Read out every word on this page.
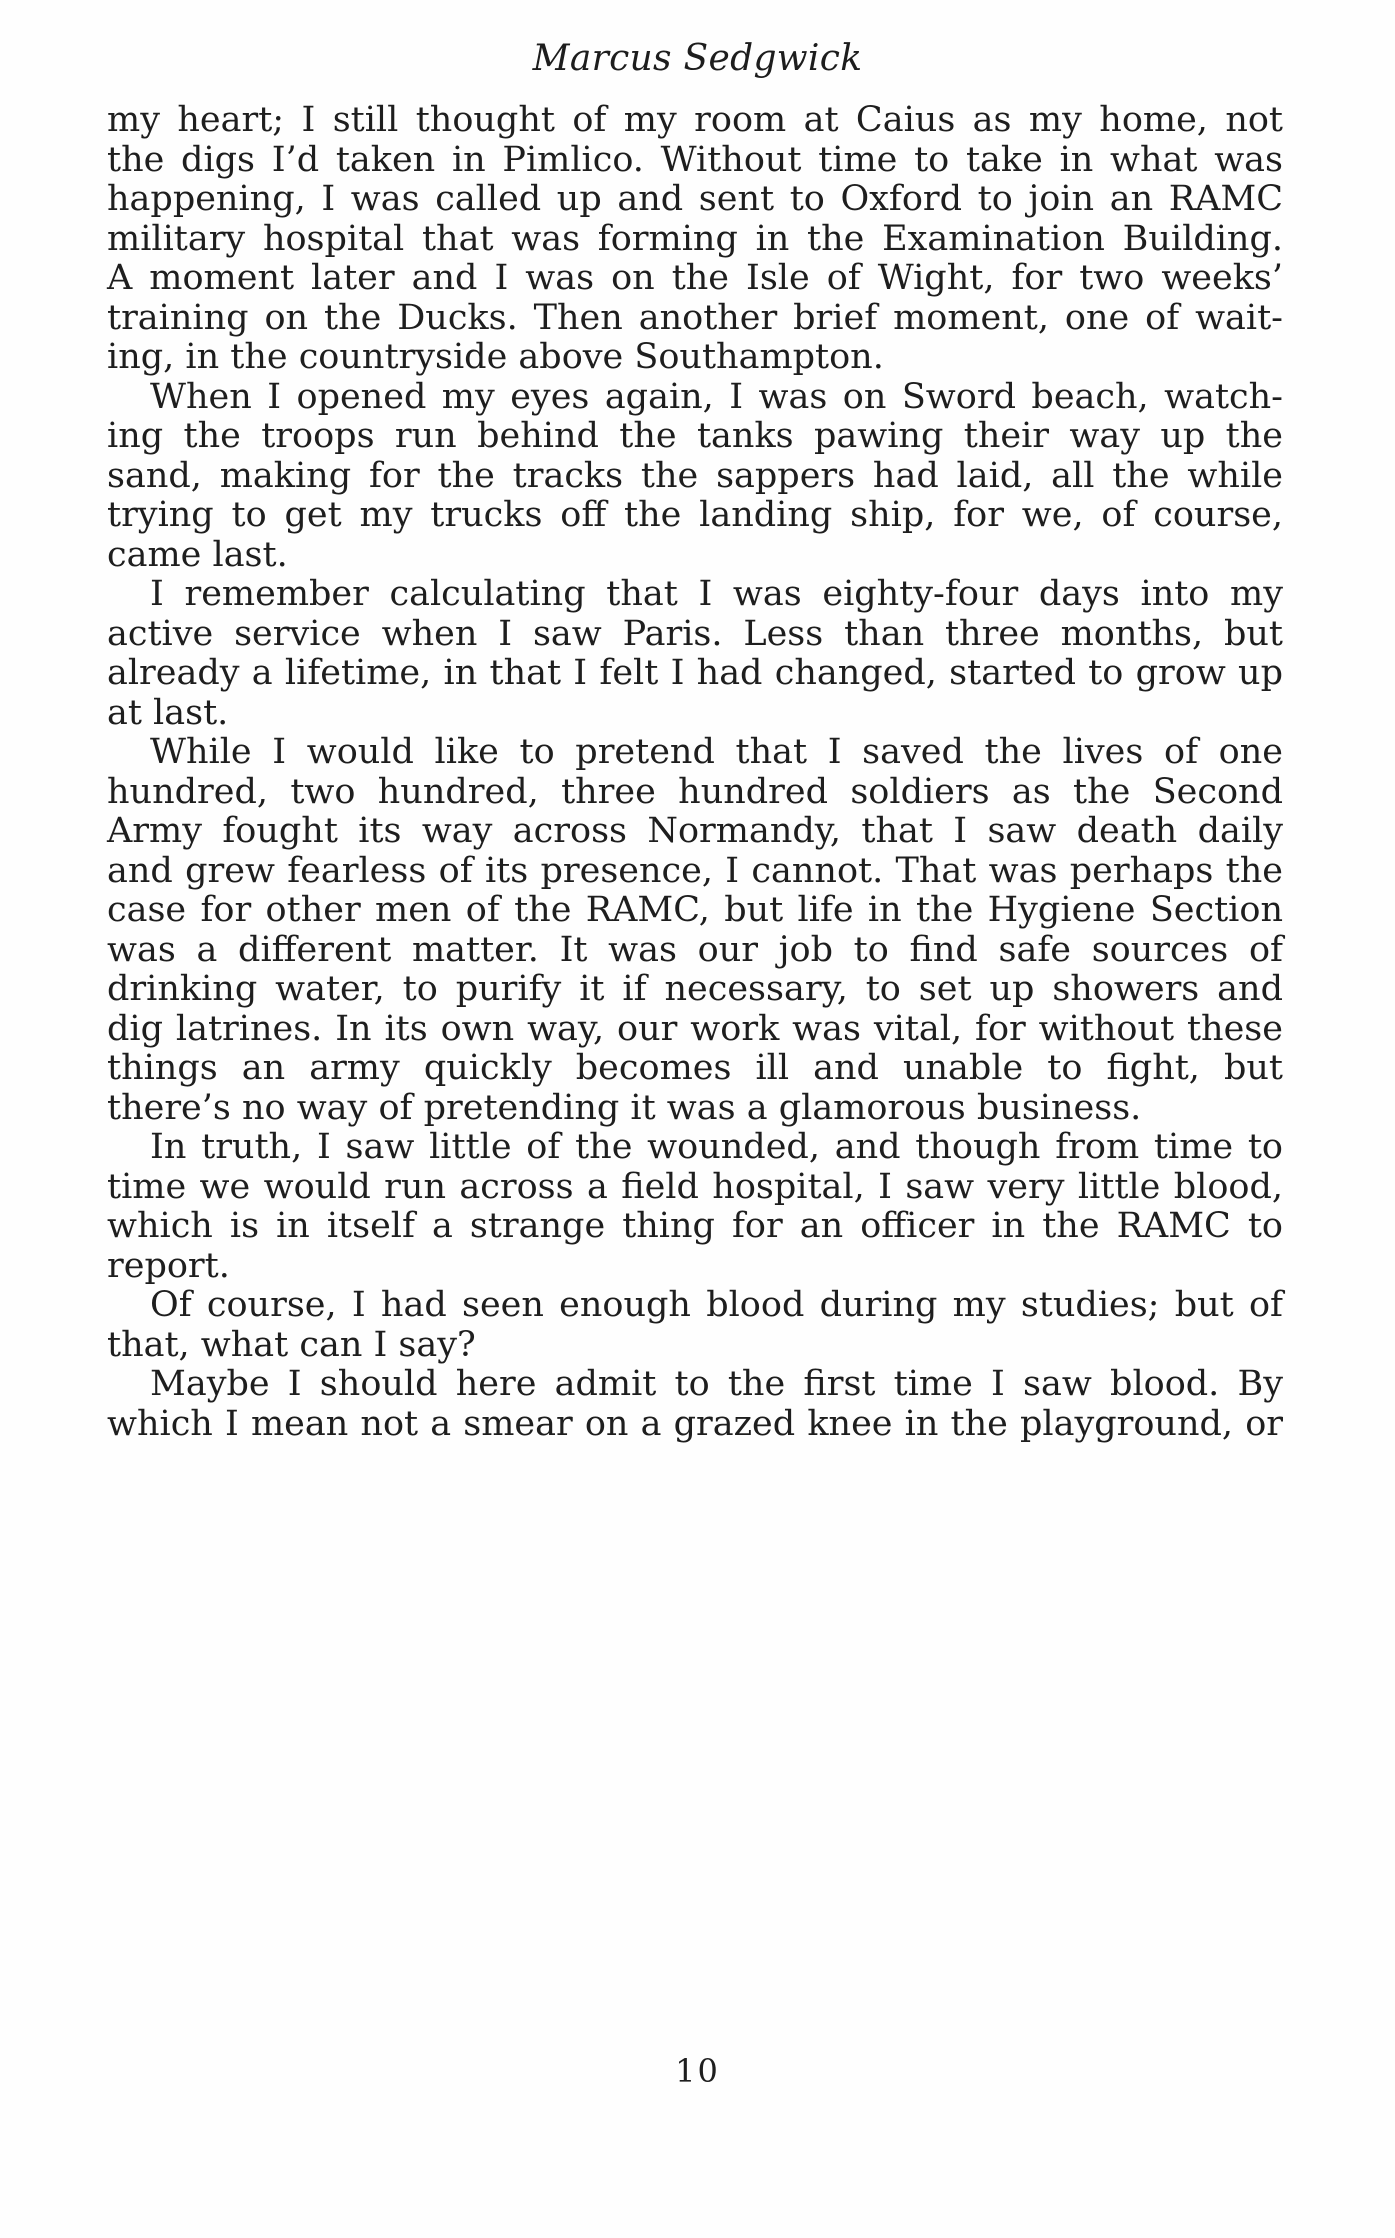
Marcus Sedgwick
my heart; I still thought of my room at Caius as my home, not
the digs I’d taken in Pimlico. Without time to take in what was
happening, I was called up and sent to Oxford to join an RAMC
military hospital that was forming in the Examination Building.
A moment later and I was on the Isle of Wight, for two weeks’
training on the Ducks. Then another brief moment, one of wait-
ing, in the countryside above Southampton.
When I opened my eyes again, I was on Sword beach, watch-
ing the troops run behind the tanks pawing their way up the
sand, making for the tracks the sappers had laid, all the while
trying to get my trucks off the landing ship, for we, of course,
came last.
I remember calculating that I was eighty-four days into my
active service when I saw Paris. Less than three months, but
already a lifetime, in that I felt I had changed, started to grow up
at last.
While I would like to pretend that I saved the lives of one
hundred, two hundred, three hundred soldiers as the Second
Army fought its way across Normandy, that I saw death daily
and grew fearless of its presence, I cannot. That was perhaps the
case for other men of the RAMC, but life in the Hygiene Section
was a different matter. It was our job to find safe sources of
drinking water, to purify it if necessary, to set up showers and
dig latrines. In its own way, our work was vital, for without these
things an army quickly becomes ill and unable to fight, but
there’s no way of pretending it was a glamorous business.
In truth, I saw little of the wounded, and though from time to
time we would run across a field hospital, I saw very little blood,
which is in itself a strange thing for an officer in the RAMC to
report.
Of course, I had seen enough blood during my studies; but of
that, what can I say?
Maybe I should here admit to the first time I saw blood. By
which I mean not a smear on a grazed knee in the playground, or
10
